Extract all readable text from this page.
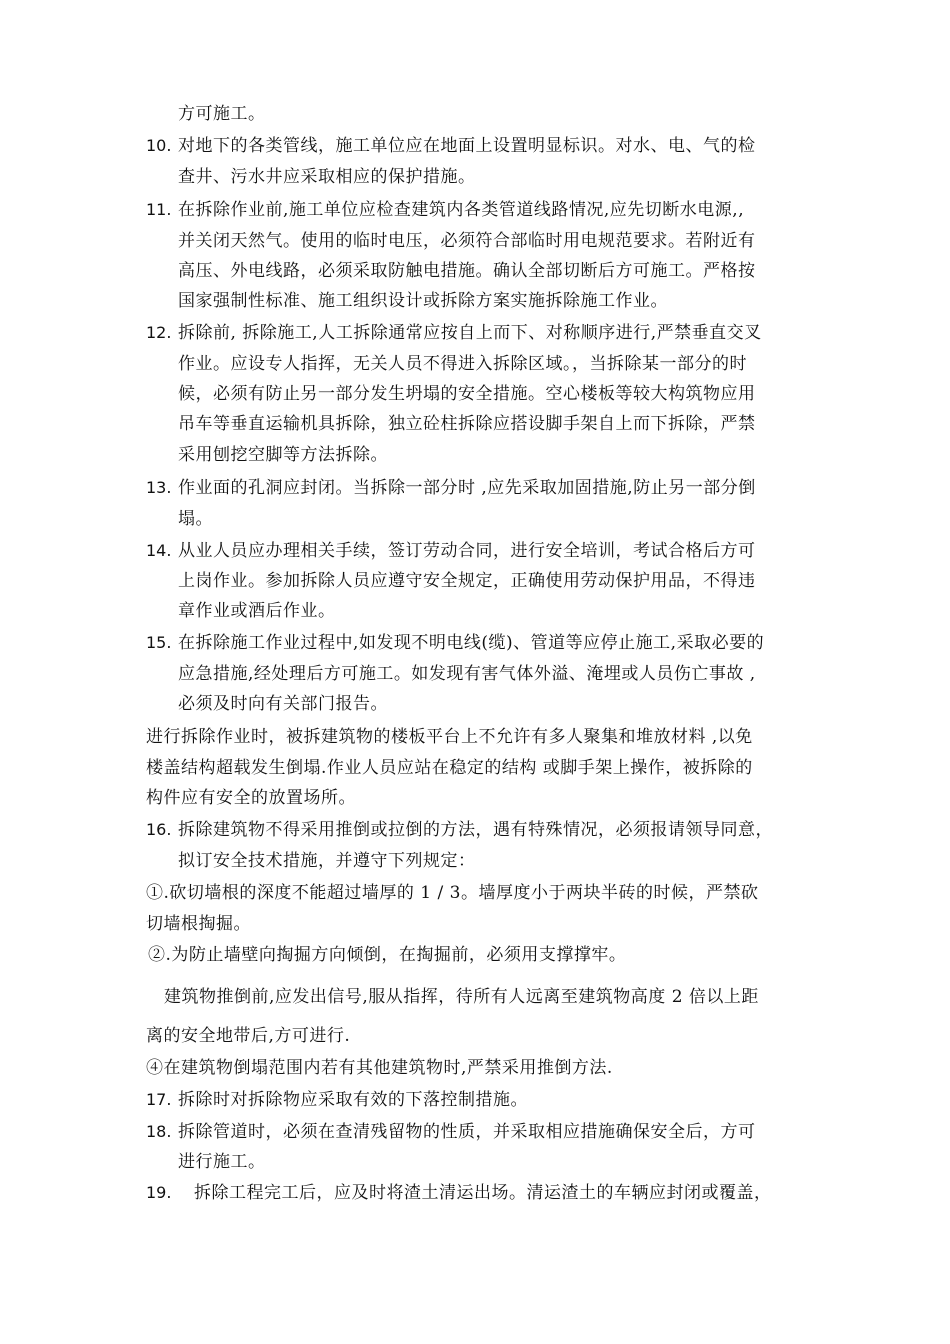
方可施工。
10. 对地下的各类管线，施工单位应在地面上设置明显标识。对水、电、气的检
查井、污水井应采取相应的保护措施。
11. 在拆除作业前,施工单位应检查建筑内各类管道线路情况,应先切断水电源,,
并关闭天然气。使用的临时电压，必须符合部临时用电规范要求。若附近有
高压、外电线路，必须采取防触电措施。确认全部切断后方可施工。严格按
国家强制性标准、施工组织设计或拆除方案实施拆除施工作业。
12. 拆除前, 拆除施工,人工拆除通常应按自上而下、对称顺序进行,严禁垂直交叉
作业。应设专人指挥，无关人员不得进入拆除区域。，当拆除某一部分的时
候，必须有防止另一部分发生坍塌的安全措施。空心楼板等较大构筑物应用
吊车等垂直运输机具拆除，独立砼柱拆除应搭设脚手架自上而下拆除，严禁
采用刨挖空脚等方法拆除。
13. 作业面的孔洞应封闭。当拆除一部分时 ,应先采取加固措施,防止另一部分倒
塌。
14. 从业人员应办理相关手续，签订劳动合同，进行安全培训，考试合格后方可
上岗作业。参加拆除人员应遵守安全规定，正确使用劳动保护用品，不得违
章作业或酒后作业。
15. 在拆除施工作业过程中,如发现不明电线(缆)、管道等应停止施工,采取必要的
应急措施,经处理后方可施工。如发现有害气体外溢、淹埋或人员伤亡事故 ,
必须及时向有关部门报告。
进行拆除作业时，被拆建筑物的楼板平台上不允许有多人聚集和堆放材料 ,以免
楼盖结构超载发生倒塌.作业人员应站在稳定的结构 或脚手架上操作，被拆除的
构件应有安全的放置场所。
16. 拆除建筑物不得采用推倒或拉倒的方法，遇有特殊情况，必须报请领导同意，
拟订安全技术措施，并遵守下列规定：
①.砍切墙根的深度不能超过墙厚的 1 / 3。墙厚度小于两块半砖的时候，严禁砍
切墙根掏掘。
②.为防止墙壁向掏掘方向倾倒，在掏掘前，必须用支撑撑牢。
建筑物推倒前,应发出信号,服从指挥，待所有人远离至建筑物高度 2 倍以上距
离的安全地带后,方可进行.
④在建筑物倒塌范围内若有其他建筑物时,严禁采用推倒方法.
17. 拆除时对拆除物应采取有效的下落控制措施。
18. 拆除管道时，必须在查清残留物的性质，并采取相应措施确保安全后，方可
进行施工。
19.	拆除工程完工后，应及时将渣土清运出场。清运渣土的车辆应封闭或覆盖，
